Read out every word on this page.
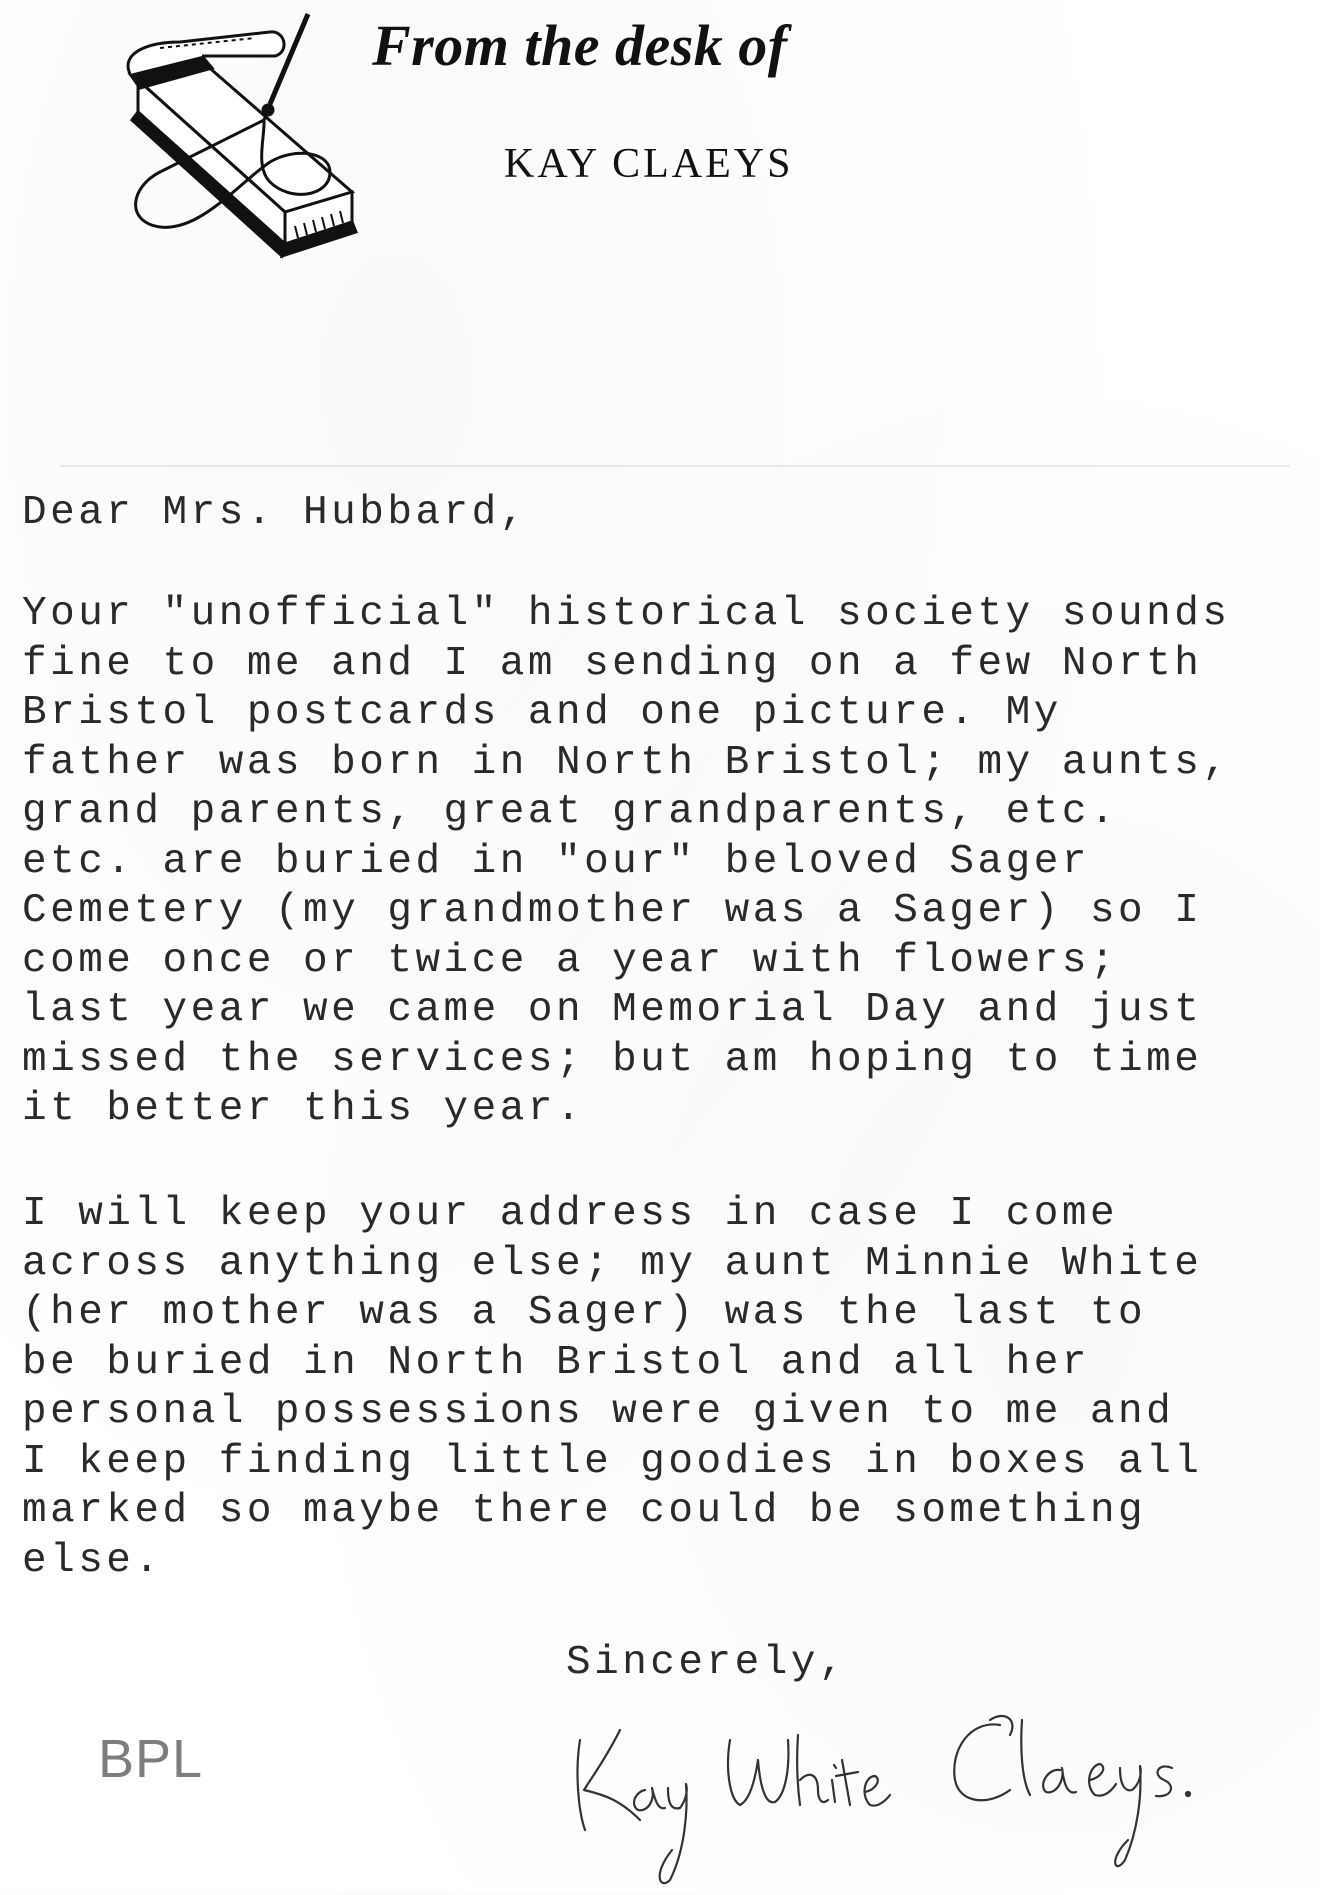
From the desk of
KAY CLAEYS
Dear Mrs. Hubbard,
Your "unofficial" historical society sounds
fine to me and I am sending on a few North
Bristol postcards and one picture. My
father was born in North Bristol; my aunts,
grand parents, great grandparents, etc.
etc. are buried in "our" beloved Sager
Cemetery (my grandmother was a Sager) so I
come once or twice a year with flowers;
last year we came on Memorial Day and just
missed the services; but am hoping to time
it better this year.
I will keep your address in case I come
across anything else; my aunt Minnie White
(her mother was a Sager) was the last to
be buried in North Bristol and all her
personal possessions were given to me and
I keep finding little goodies in boxes all
marked so maybe there could be something
else.
Sincerely,
BPL
